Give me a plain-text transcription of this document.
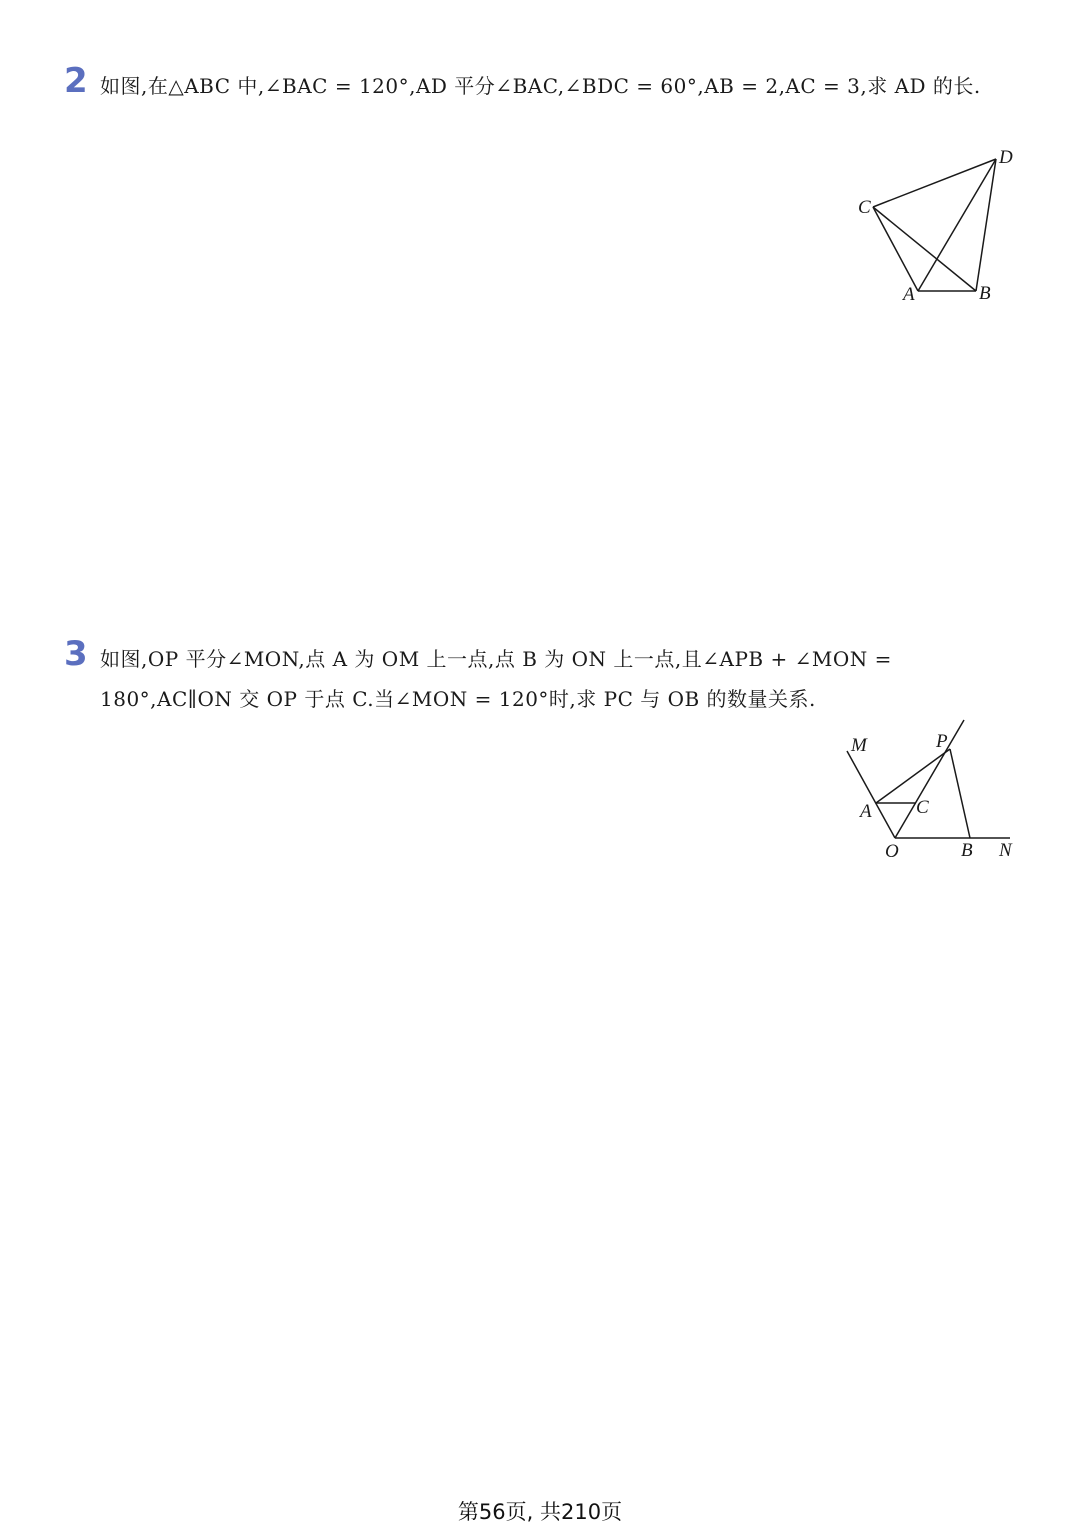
2 如图,在△ABC 中,∠BAC = 120°,AD 平分∠BAC,∠BDC = 60°,AB = 2,AC = 3,求 AD 的长.
C
A	B
D
3 如图,OP 平分∠MON,点 A 为 OM 上一点,点 B 为 ON 上一点,且∠APB + ∠MON = 180°,AC∥ON 交 OP 于点 C.当∠MON = 120°时,求 PC 与 OB 的数量关系.
M	P
A C
O	B N
第56页, 共210页
